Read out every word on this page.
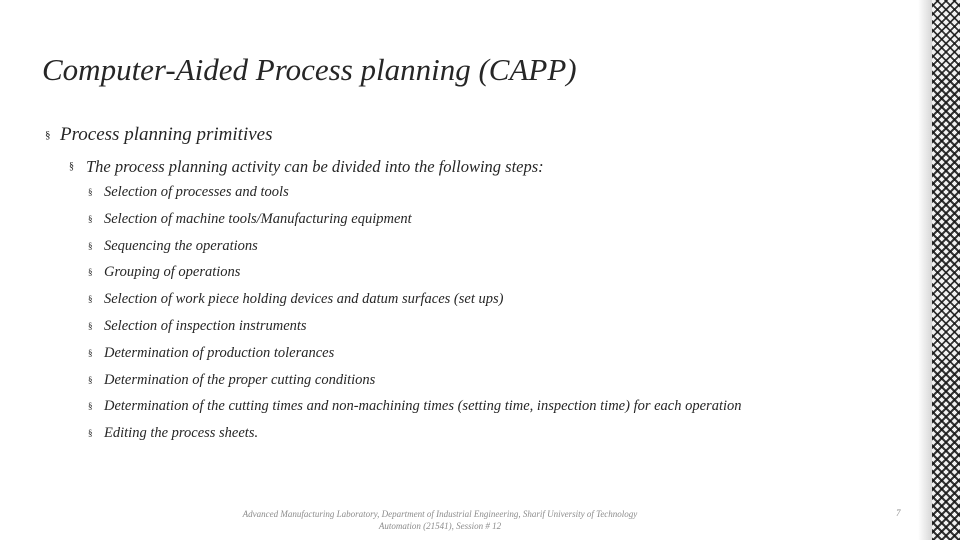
Computer-Aided Process planning (CAPP)
§ Process planning primitives
§ The process planning activity can be divided into the following steps:
§ Selection of processes and tools
§ Selection of machine tools/Manufacturing equipment
§ Sequencing the operations
§ Grouping of operations
§ Selection of work piece holding devices and datum surfaces (set ups)
§ Selection of inspection instruments
§ Determination of production tolerances
§ Determination of the proper cutting conditions
§ Determination of the cutting times and non-machining times (setting time, inspection time) for each operation
§ Editing the process sheets.
Advanced Manufacturing Laboratory, Department of Industrial Engineering, Sharif University of Technology
Automation (21541), Session # 12
7
